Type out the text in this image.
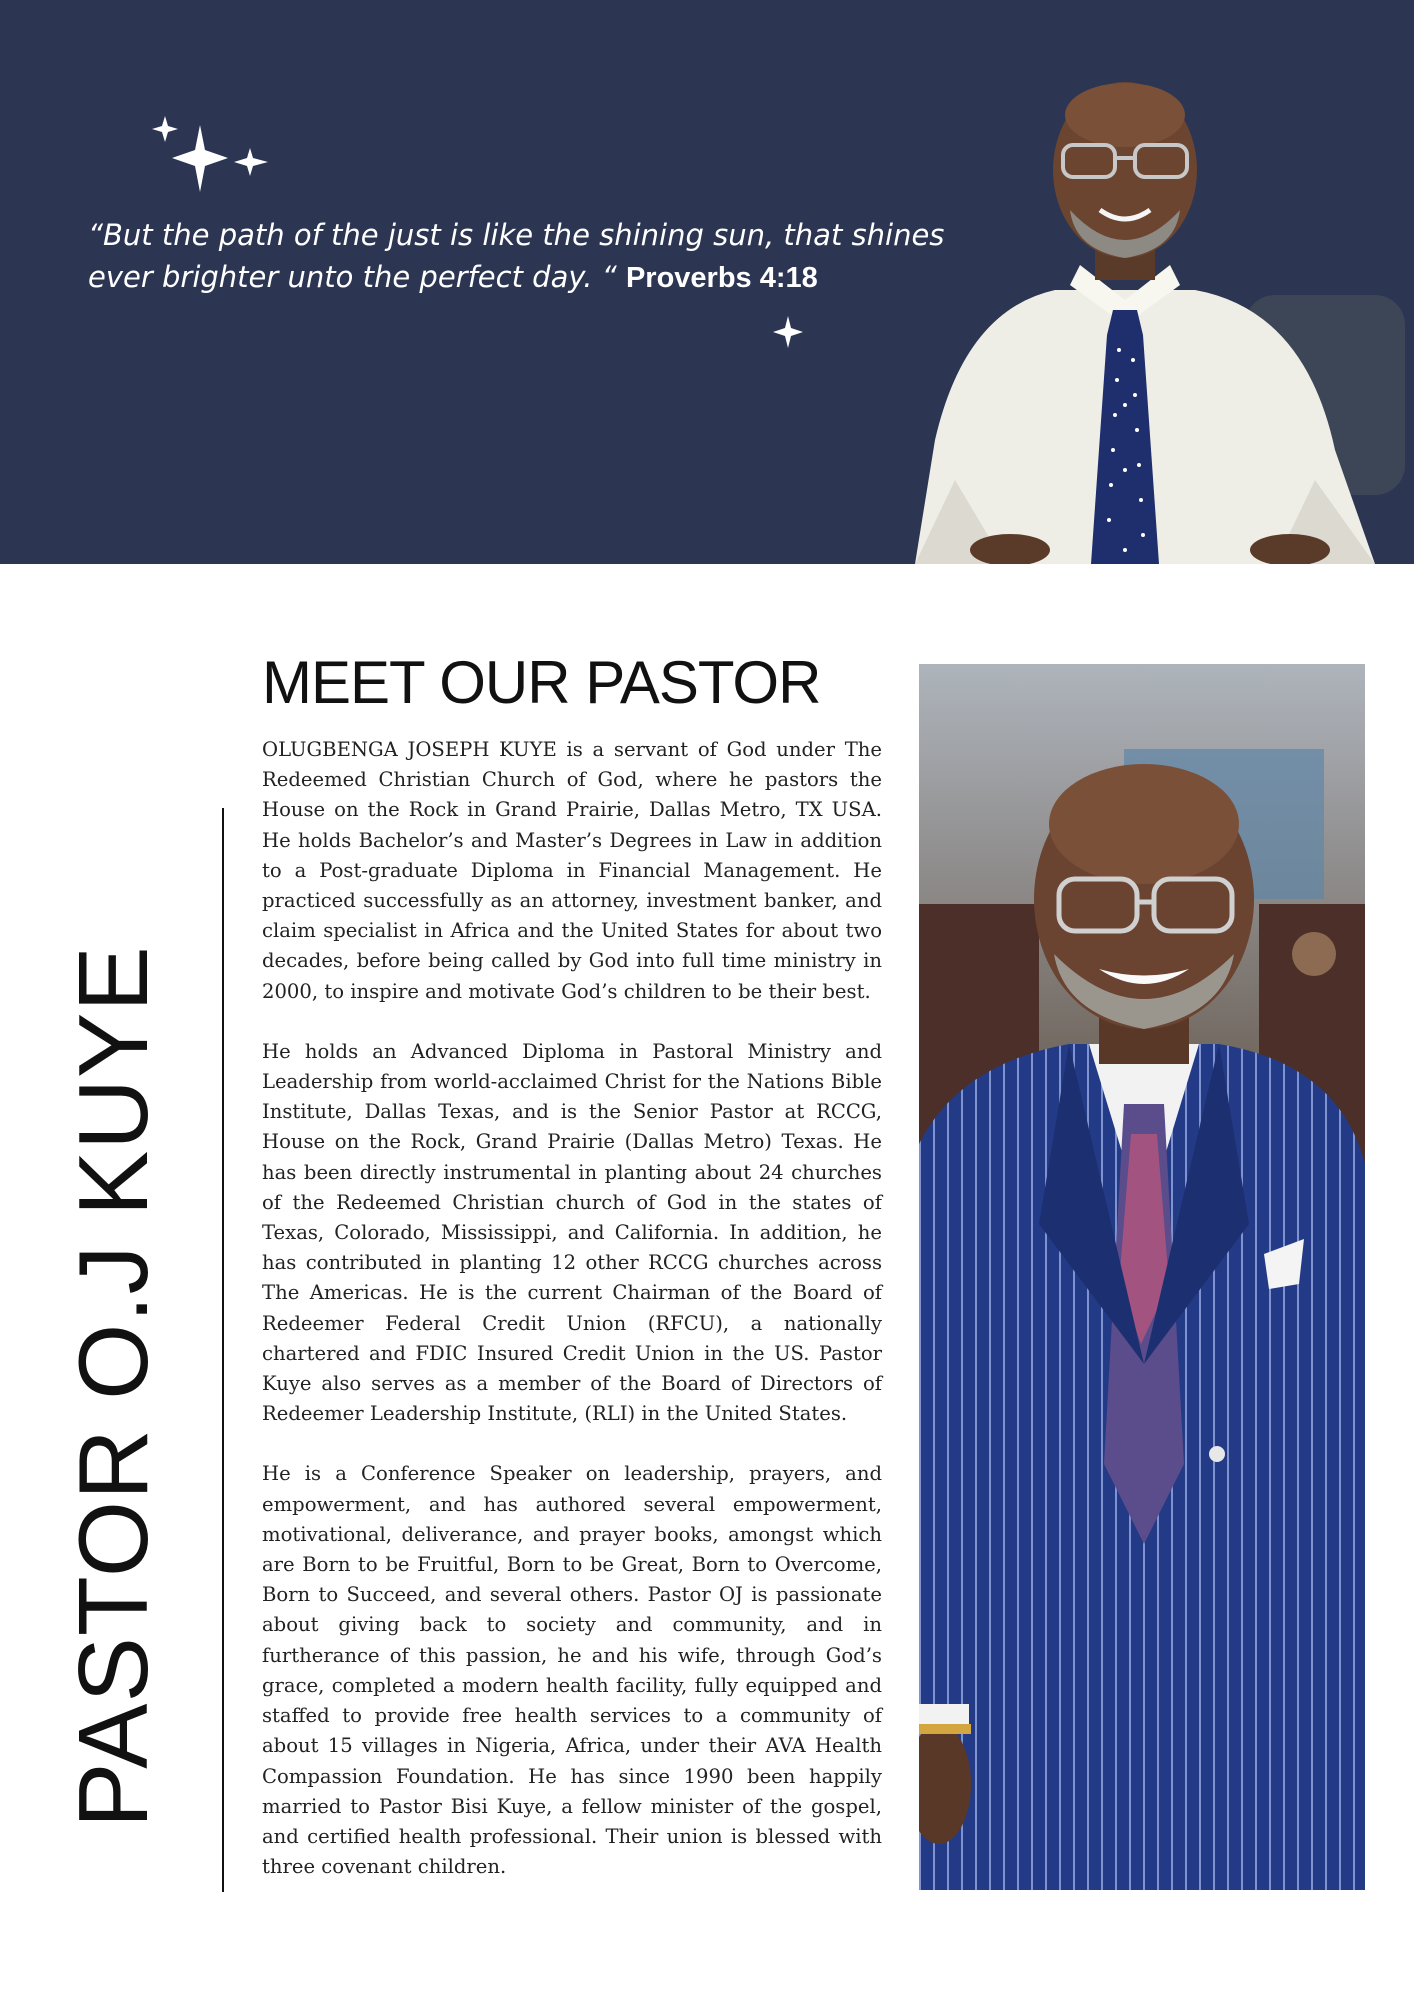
“But the path of the just is like the shining sun, that shines ever brighter unto the perfect day. “ Proverbs 4:18

PASTOR O.J KUYE
MEET OUR PASTOR

OLUGBENGA JOSEPH KUYE is a servant of God under The Redeemed Christian Church of God, where he pastors the House on the Rock in Grand Prairie, Dallas Metro, TX USA. He holds Bachelor’s and Master’s Degrees in Law in addition to a Post-graduate Diploma in Financial Management. He practiced successfully as an attorney, investment banker, and claim specialist in Africa and the United States for about two decades, before being called by God into full time ministry in 2000, to inspire and motivate God’s children to be their best.

He holds an Advanced Diploma in Pastoral Ministry and Leadership from world-acclaimed Christ for the Nations Bible Institute, Dallas Texas, and is the Senior Pastor at RCCG, House on the Rock, Grand Prairie (Dallas Metro) Texas. He has been directly instrumental in planting about 24 churches of the Redeemed Christian church of God in the states of Texas, Colorado, Mississippi, and California. In addition, he has contributed in planting 12 other RCCG churches across The Americas. He is the current Chairman of the Board of Redeemer Federal Credit Union (RFCU), a nationally chartered and FDIC Insured Credit Union in the US. Pastor Kuye also serves as a member of the Board of Directors of Redeemer Leadership Institute, (RLI) in the United States.

He is a Conference Speaker on leadership, prayers, and empowerment, and has authored several empowerment, motivational, deliverance, and prayer books, amongst which are Born to be Fruitful, Born to be Great, Born to Overcome, Born to Succeed, and several others. Pastor OJ is passionate about giving back to society and community, and in furtherance of this passion, he and his wife, through God’s grace, completed a modern health facility, fully equipped and staffed to provide free health services to a community of about 15 villages in Nigeria, Africa, under their AVA Health Compassion Foundation. He has since 1990 been happily married to Pastor Bisi Kuye, a fellow minister of the gospel, and certified health professional. Their union is blessed with three covenant children.
